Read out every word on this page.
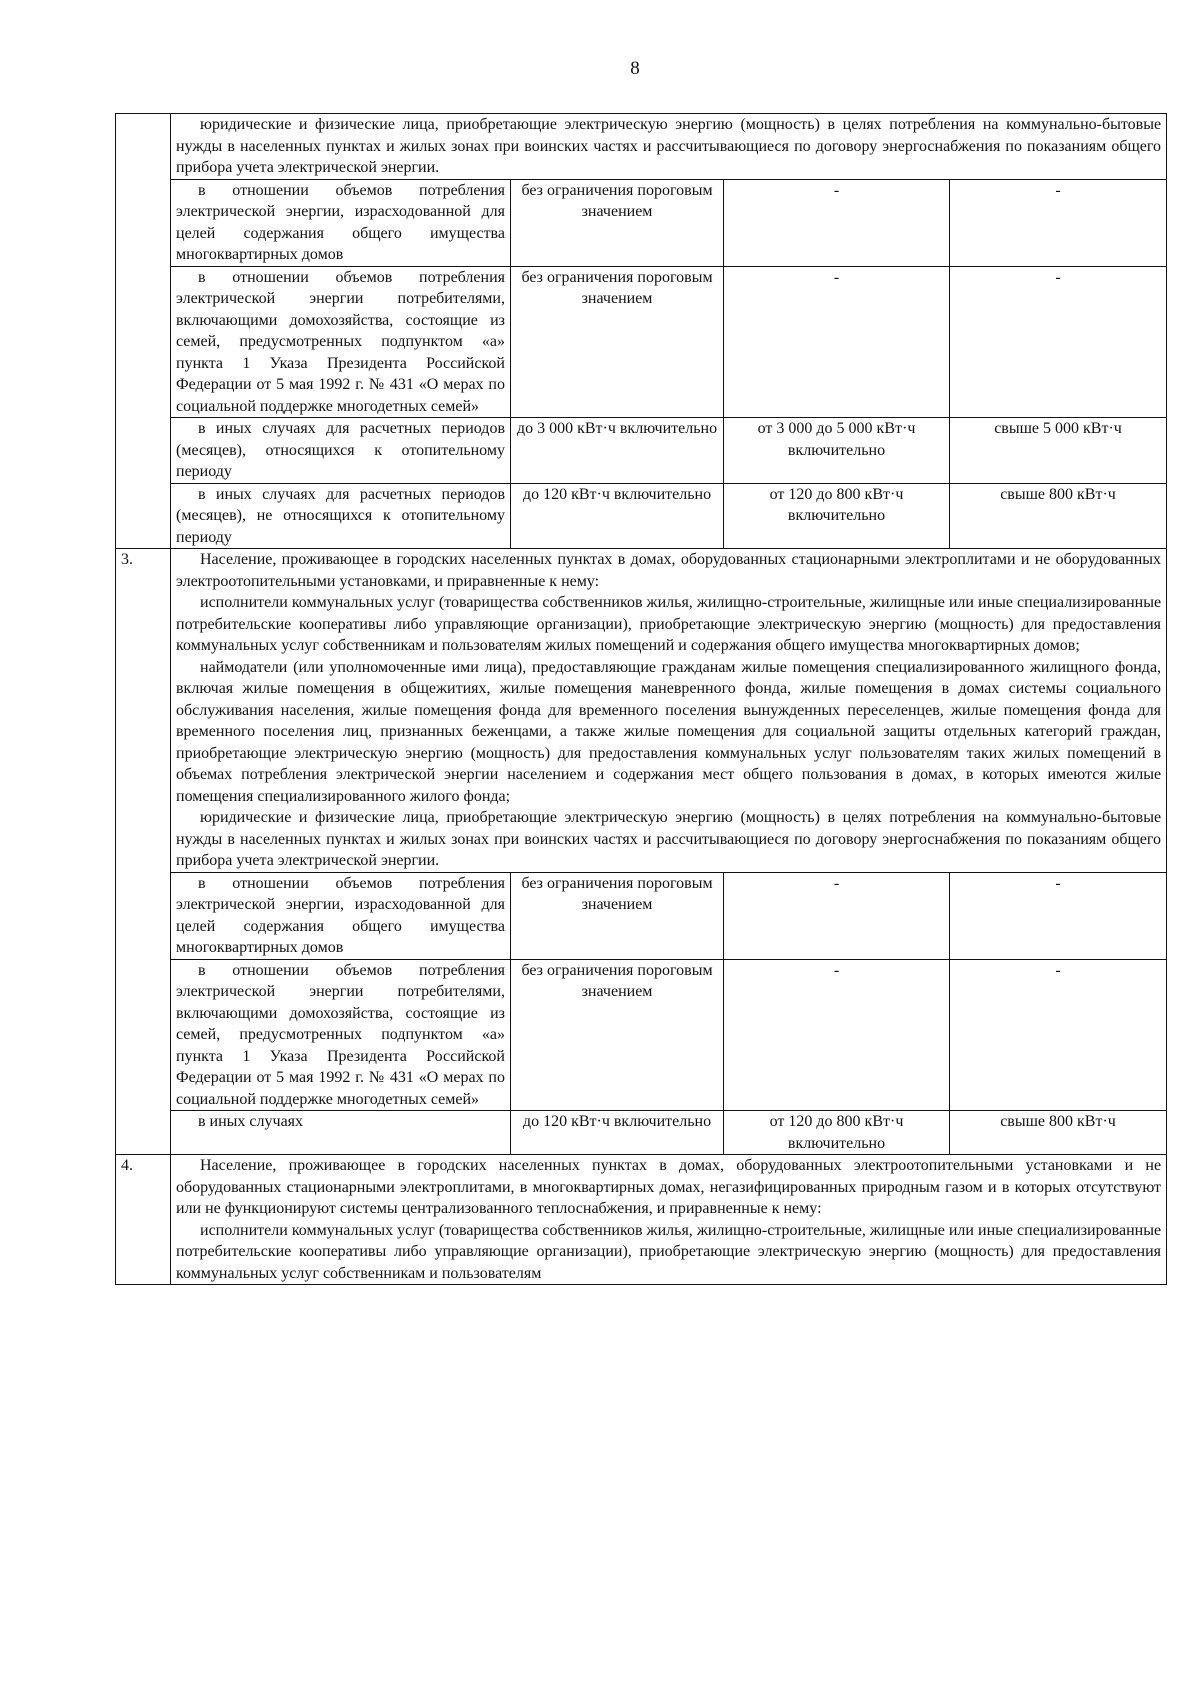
8

	юридические и физические лица, приобретающие электрическую энергию (мощность) в целях потребления на коммунально-бытовые нужды в населенных пунктах и жилых зонах при воинских частях и рассчитывающиеся по договору энергоснабжения по показаниям общего прибора учета электрической энергии.			

	в отношении объемов потребления электрической энергии, израсходованной для целей содержания общего имущества многоквартирных домов	без ограничения пороговым значением	-	-

	в отношении объемов потребления электрической энергии потребителями, включающими домохозяйства, состоящие из семей, предусмотренных подпунктом «а» пункта 1 Указа Президента Российской Федерации от 5 мая 1992 г. № 431 «О мерах по социальной поддержке многодетных семей»	без ограничения пороговым значением	-	-

	в иных случаях для расчетных периодов (месяцев), относящихся к отопительному периоду	до 3 000 кВт·ч включительно	от 3 000 до 5 000 кВт·ч включительно	свыше 5 000 кВт·ч

	в иных случаях для расчетных периодов (месяцев), не относящихся к отопительному периоду	до 120 кВт·ч включительно	от 120 до 800 кВт·ч включительно	свыше 800 кВт·ч
3.	Население, проживающее в городских населенных пунктах в домах, оборудованных стационарными электроплитами и не оборудованных электроотопительными установками, и приравненные к нему:

исполнители коммунальных услуг (товарищества собственников жилья, жилищно-строительные, жилищные или иные специализированные потребительские кооперативы либо управляющие организации), приобретающие электрическую энергию (мощность) для предоставления коммунальных услуг собственникам и пользователям жилых помещений и содержания общего имущества многоквартирных домов;

наймодатели (или уполномоченные ими лица), предоставляющие гражданам жилые помещения специализированного жилищного фонда, включая жилые помещения в общежитиях, жилые помещения маневренного фонда, жилые помещения в домах системы социального обслуживания населения, жилые помещения фонда для временного поселения вынужденных переселенцев, жилые помещения фонда для временного поселения лиц, признанных беженцами, а также жилые помещения для социальной защиты отдельных категорий граждан, приобретающие электрическую энергию (мощность) для предоставления коммунальных услуг пользователям таких жилых помещений в объемах потребления электрической энергии населением и содержания мест общего пользования в домах, в которых имеются жилые помещения специализированного жилого фонда;

юридические и физические лица, приобретающие электрическую энергию (мощность) в целях потребления на коммунально-бытовые нужды в населенных пунктах и жилых зонах при воинских частях и рассчитывающиеся по договору энергоснабжения по показаниям общего прибора учета электрической энергии.			

	в отношении объемов потребления электрической энергии, израсходованной для целей содержания общего имущества многоквартирных домов	без ограничения пороговым значением	-	-

	в отношении объемов потребления электрической энергии потребителями, включающими домохозяйства, состоящие из семей, предусмотренных подпунктом «а» пункта 1 Указа Президента Российской Федерации от 5 мая 1992 г. № 431 «О мерах по социальной поддержке многодетных семей»	без ограничения пороговым значением	-	-

	в иных случаях	до 120 кВт·ч включительно	от 120 до 800 кВт·ч включительно	свыше 800 кВт·ч
4.	Население, проживающее в городских населенных пунктах в домах, оборудованных электроотопительными установками и не оборудованных стационарными электроплитами, в многоквартирных домах, негазифицированных природным газом и в которых отсутствуют или не функционируют системы централизованного теплоснабжения, и приравненные к нему:

исполнители коммунальных услуг (товарищества собственников жилья, жилищно-строительные, жилищные или иные специализированные потребительские кооперативы либо управляющие организации), приобретающие электрическую энергию (мощность) для предоставления коммунальных услуг собственникам и пользователям			
